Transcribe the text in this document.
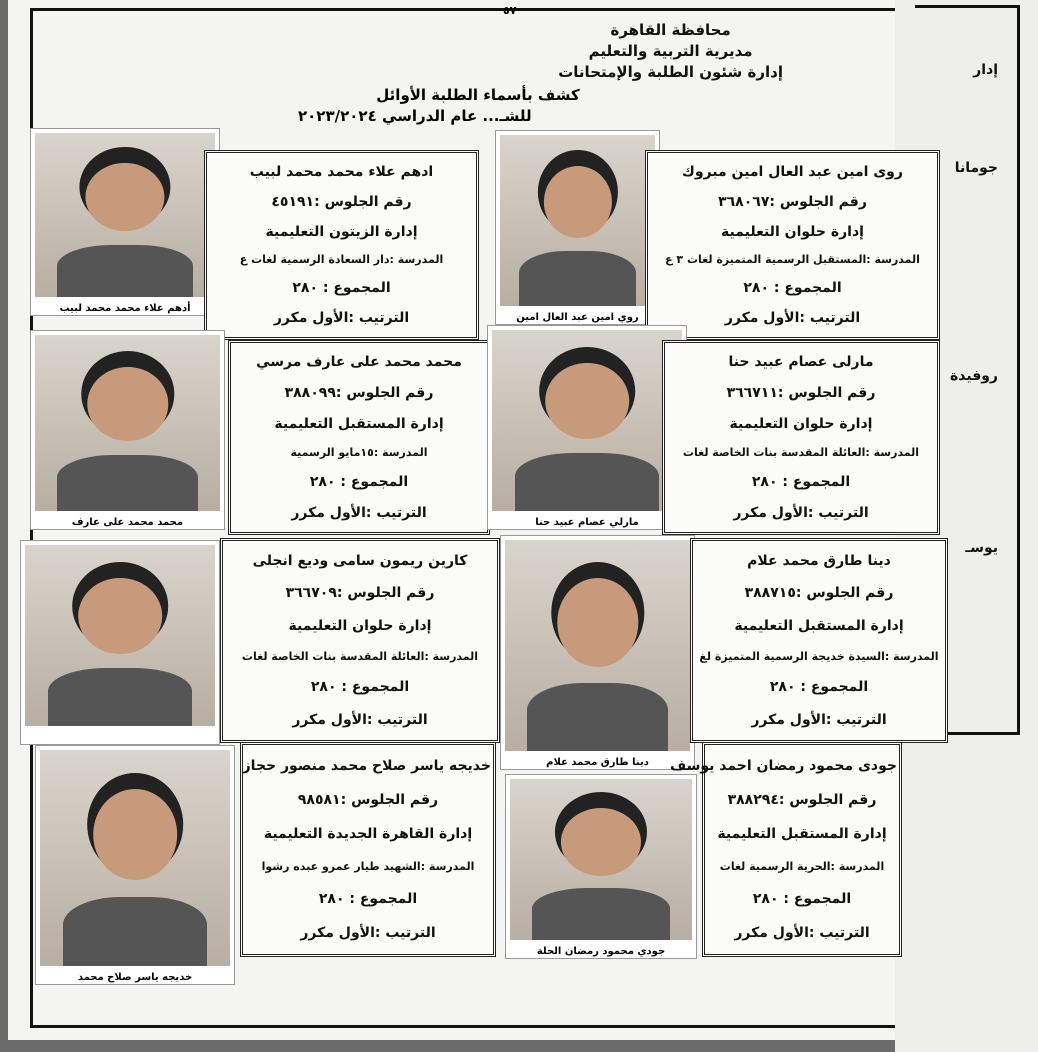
٥٧
محافظة القاهرة
مديرية التربية والتعليم
إدارة شئون الطلبة والإمتحانات
كشف بأسماء الطلبة الأوائل
للشـ... عام الدراسي ٢٠٢٣/٢٠٢٤
جومانا
روفيدة
يوسـ
إدار
أدهم علاء محمد محمد لبيب
ادهم علاء محمد محمد لبيب
رقم الجلوس :٤٥١٩١
إدارة الزيتون التعليمية
المدرسة :دار السعادة الرسمية لغات ع
المجموع : ٢٨٠
الترتيب :الأول مكرر	روي امين عبد العال امين
روى امين عبد العال امين مبروك
رقم الجلوس :٣٦٨٠٦٧
إدارة حلوان التعليمية
المدرسة :المستقبل الرسمية المتميزة لغات ٣ ع
المجموع : ٢٨٠
الترتيب :الأول مكرر
محمد محمد على عارف
محمد محمد على عارف مرسي
رقم الجلوس :٣٨٨٠٩٩
إدارة المستقبل التعليمية
المدرسة :١٥مايو الرسمية
المجموع : ٢٨٠
الترتيب :الأول مكرر
مارلي عصام عبيد حنا
مارلى عصام عبيد حنا
رقم الجلوس :٣٦٦٧١١
إدارة حلوان التعليمية
المدرسة :العائلة المقدسة بنات الخاصة لغات
المجموع : ٢٨٠
الترتيب :الأول مكرر
كارين ريمون سامى وديع انجلى
رقم الجلوس :٣٦٦٧٠٩
إدارة حلوان التعليمية
المدرسة :العائلة المقدسة بنات الخاصة لغات
المجموع : ٢٨٠
الترتيب :الأول مكرر
دينا طارق محمد علام
دينا طارق محمد علام
رقم الجلوس :٣٨٨٧١٥
إدارة المستقبل التعليمية
المدرسة :السيدة خديجة الرسمية المتميزة لغ
المجموع : ٢٨٠
الترتيب :الأول مكرر
خديجه ياسر صلاح محمد
خديجه ياسر صلاح محمد منصور حجاز
رقم الجلوس :٩٨٥٨١
إدارة القاهرة الجديدة التعليمية
المدرسة :الشهيد طيار عمرو عبده رشوا
المجموع : ٢٨٠
الترتيب :الأول مكرر
جودي محمود رمضان الحلة
جودى محمود رمضان احمد يوسف
رقم الجلوس :٣٨٨٢٩٤
إدارة المستقبل التعليمية
المدرسة :الحرية الرسمية لغات
المجموع : ٢٨٠
الترتيب :الأول مكرر
